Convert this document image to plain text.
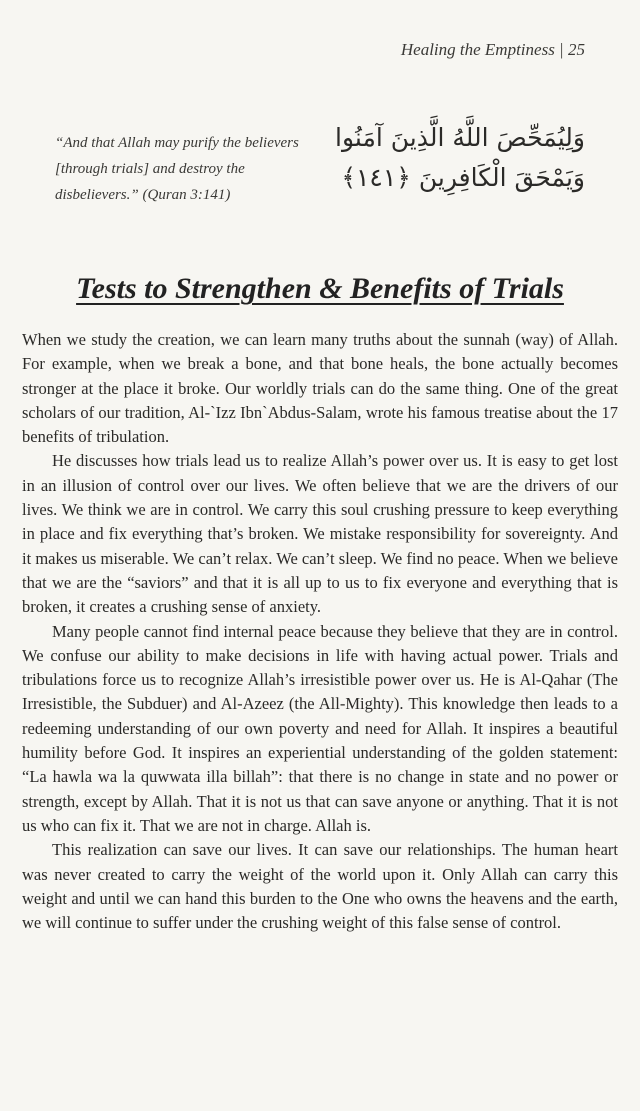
Healing the Emptiness | 25
“And that Allah may purify the believers [through trials] and destroy the disbelievers.” (Quran 3:141)
وَلِيُمَحِّصَ اللَّهُ الَّذِينَ آمَنُوا وَيَمْحَقَ الْكَافِرِينَ ﴿١٤١﴾
Tests to Strengthen & Benefits of Trials

When we study the creation, we can learn many truths about the sunnah (way) of Allah. For example, when we break a bone, and that bone heals, the bone actually becomes stronger at the place it broke. Our worldly trials can do the same thing. One of the great scholars of our tradition, Al-`Izz Ibn`Abdus-Salam, wrote his famous treatise about the 17 benefits of tribulation.

He discusses how trials lead us to realize Allah’s power over us. It is easy to get lost in an illusion of control over our lives. We often believe that we are the drivers of our lives. We think we are in control. We carry this soul crushing pressure to keep everything in place and fix everything that’s broken. We mistake responsibility for sovereignty. And it makes us miserable. We can’t relax. We can’t sleep. We find no peace. When we believe that we are the “saviors” and that it is all up to us to fix everyone and everything that is broken, it creates a crushing sense of anxiety.

Many people cannot find internal peace because they believe that they are in control. We confuse our ability to make decisions in life with having actual power. Trials and tribulations force us to recognize Allah’s irresistible power over us. He is Al-Qahar (The Irresistible, the Subduer) and Al-Azeez (the All-Mighty). This knowledge then leads to a redeeming understanding of our own poverty and need for Allah. It inspires a beautiful humility before God. It inspires an experiential understanding of the golden statement: “La hawla wa la quwwata illa billah”: that there is no change in state and no power or strength, except by Allah. That it is not us that can save anyone or anything. That it is not us who can fix it. That we are not in charge. Allah is.

This realization can save our lives. It can save our relationships. The human heart was never created to carry the weight of the world upon it. Only Allah can carry this weight and until we can hand this burden to the One who owns the heavens and the earth, we will continue to suffer under the crushing weight of this false sense of control.
